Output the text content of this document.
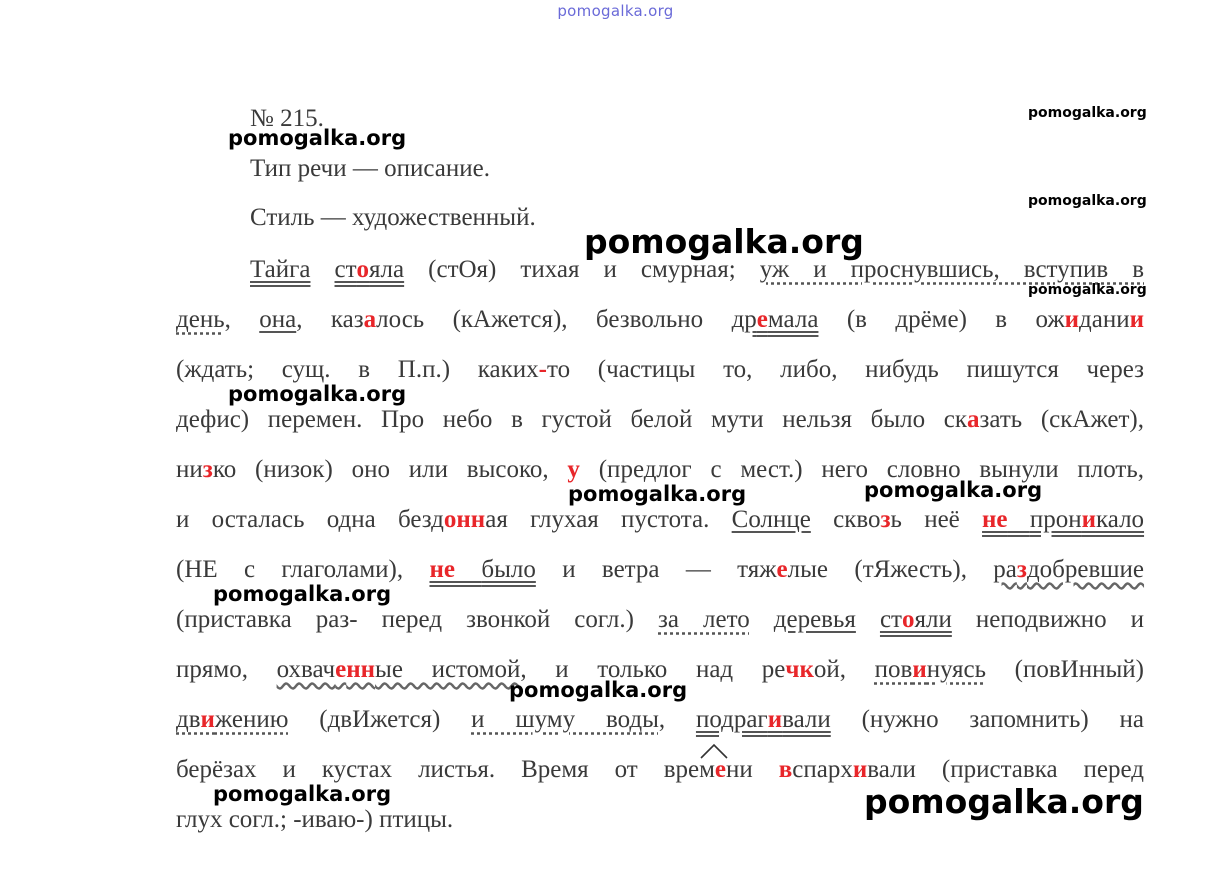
pomogalka.org
№ 215.
Тип речи — описание.
Стиль — художественный.
Тайга стояла (стОя) тихая и смурная; уж и проснувшись, вступив в
день, она, казалось (кАжется), безвольно дремала (в дрёме) в ожидании
(ждать; сущ. в П.п.) каких-то (частицы то, либо, нибудь пишутся через
дефис) перемен. Про небо в густой белой мути нельзя было сказать (скАжет),
низко (низок) оно или высоко, у (предлог с мест.) него словно вынули плоть,
и осталась одна бездонная глухая пустота. Солнце сквозь неё не проникало
(НЕ с глаголами), не было и ветра — тяжелые (тЯжесть), раздобревшие
(приставка раз- перед звонкой согл.) за лето деревья стояли неподвижно и
прямо, охваченные истомой, и только над речкой, повинуясь (повИнный)
движению (двИжется) и шуму воды, подрагивали (нужно запомнить) на
берёзах и кустах листья. Время от времени вспархивали (приставка перед
глух согл.; -иваю-) птицы.
pomogalka.org
pomogalka.org
pomogalka.org
pomogalka.org
pomogalka.org
pomogalka.org
pomogalka.org	pomogalka.org
pomogalka.org
pomogalka.org
pomogalka.org	pomogalka.org
